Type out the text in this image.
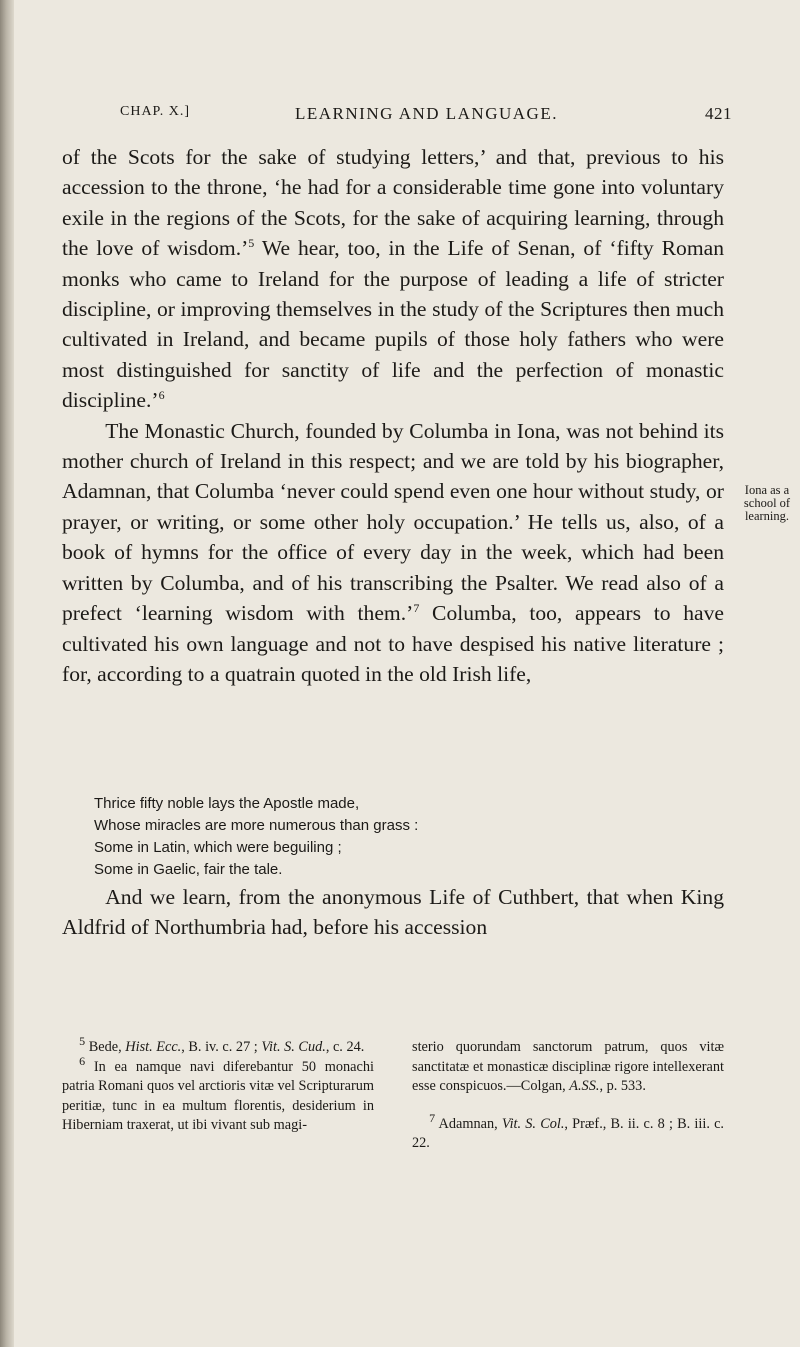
CHAP. X.]	LEARNING AND LANGUAGE.	421

of the Scots for the sake of studying letters,’ and that, previous to his accession to the throne, ‘he had for a considerable time gone into voluntary exile in the regions of the Scots, for the sake of acquiring learning, through the love of wisdom.’$^5$ We hear, too, in the Life of Senan, of ‘fifty Roman monks who came to Ireland for the purpose of leading a life of stricter discipline, or improving themselves in the study of the Scriptures then much cultivated in Ireland, and became pupils of those holy fathers who were most distinguished for sanctity of life and the perfection of monastic discipline.’$^6$

The Monastic Church, founded by Columba in Iona, was not behind its mother church of Ireland in this respect; and we are told by his biographer, Adamnan, that Columba ‘never could spend even one hour without study, or prayer, or writing, or some other holy occupation.’ He tells us, also, of a book of hymns for the office of every day in the week, which had been written by Columba, and of his transcribing the Psalter. We read also of a prefect ‘learning wisdom with them.’$^7$ Columba, too, appears to have cultivated his own language and not to have despised his native literature ; for, according to a quatrain quoted in the old Irish life,

Iona as a
school of
learning.
Thrice fifty noble lays the Apostle made,
Whose miracles are more numerous than grass :
Some in Latin, which were beguiling ;
Some in Gaelic, fair the tale.

And we learn, from the anonymous Life of Cuthbert, that when King Aldfrid of Northumbria had, before his accession

$^5$ Bede, Hist. Ecc., B. iv. c. 27 ; Vit. S. Cud., c. 24.

$^6$ In ea namque navi diferebantur 50 monachi patria Romani quos vel arctioris vitæ vel Scripturarum peritiæ, tunc in ea multum florentis, desiderium in Hiberniam traxerat, ut ibi vivant sub magi-

sterio quorundam sanctorum patrum, quos vitæ sanctitatæ et monasticæ disciplinæ rigore intellexerant esse conspicuos.—Colgan, A.SS., p. 533.

$^7$ Adamnan, Vit. S. Col., Præf., B. ii. c. 8 ; B. iii. c. 22.
